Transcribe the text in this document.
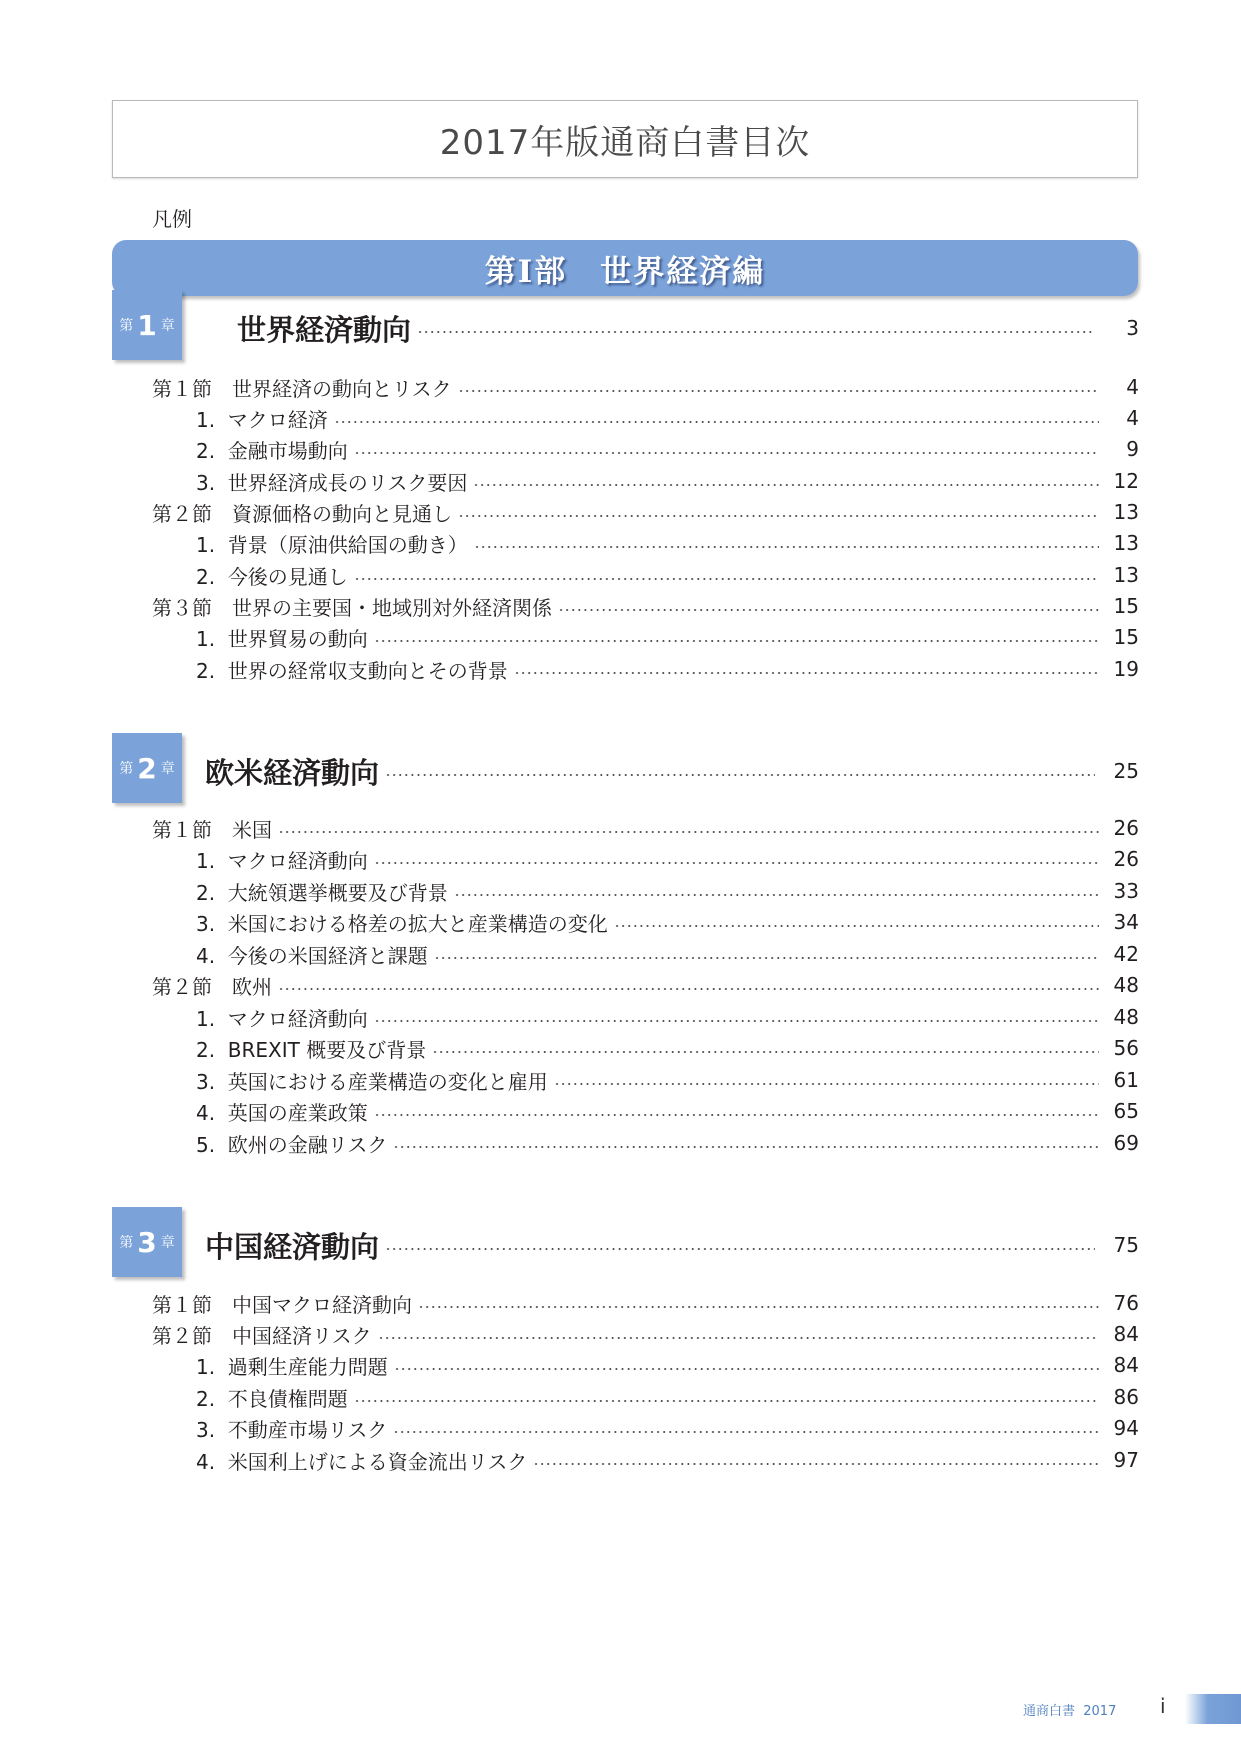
2017年版通商白書目次
凡例
第Ⅰ部　世界経済編
第 1 章 世界経済動向	3
第１節　世界経済の動向とリスク	4
1.  マクロ経済	4
2.  金融市場動向	9
3.  世界経済成長のリスク要因	12
第２節　資源価格の動向と見通し	13
1.  背景（原油供給国の動き）	13
2.  今後の見通し	13
第３節　世界の主要国・地域別対外経済関係	15
1.  世界貿易の動向	15
2.  世界の経常収支動向とその背景	19
第 2 章 欧米経済動向	25
第１節　米国	26
1.  マクロ経済動向	26
2.  大統領選挙概要及び背景	33
3.  米国における格差の拡大と産業構造の変化	34
4.  今後の米国経済と課題	42
第２節　欧州	48
1.  マクロ経済動向	48
2.  BREXIT 概要及び背景	56
3.  英国における産業構造の変化と雇用	61
4.  英国の産業政策	65
5.  欧州の金融リスク	69
第 3 章 中国経済動向	75
第１節　中国マクロ経済動向	76
第２節　中国経済リスク	84
1.  過剰生産能力問題	84
2.  不良債権問題	86
3.  不動産市場リスク	94
4.  米国利上げによる資金流出リスク	97
通商白書  2017 i
